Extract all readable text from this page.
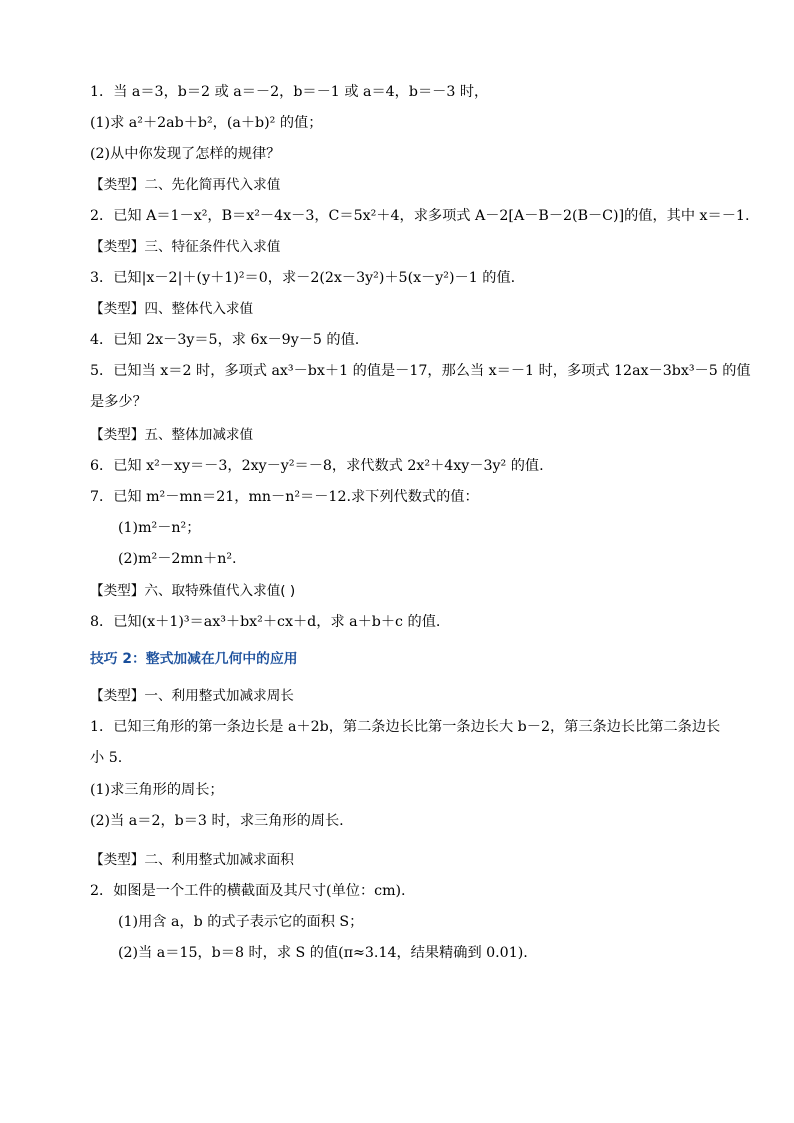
1．当 a＝3，b＝2 或 a＝－2，b＝－1 或 a＝4，b＝－3 时，
(1)求 a²＋2ab＋b²，(a＋b)² 的值；
(2)从中你发现了怎样的规律？
【类型】二、先化简再代入求值
2．已知 A＝1－x²，B＝x²－4x－3，C＝5x²＋4，求多项式 A－2[A－B－2(B－C)]的值，其中 x＝－1.
【类型】三、特征条件代入求值
3．已知|x－2|＋(y＋1)²＝0，求－2(2x－3y²)＋5(x－y²)－1 的值.
【类型】四、整体代入求值
4．已知 2x－3y＝5，求 6x－9y－5 的值.
5．已知当 x＝2 时，多项式 ax³－bx＋1 的值是－17，那么当 x＝－1 时，多项式 12ax－3bx³－5 的值
是多少？
【类型】五、整体加减求值
6．已知 x²－xy＝－3，2xy－y²＝－8，求代数式 2x²＋4xy－3y² 的值.
7．已知 m²－mn＝21，mn－n²＝－12.求下列代数式的值：
(1)m²－n²；
(2)m²－2mn＋n².
【类型】六、取特殊值代入求值( )
8．已知(x＋1)³＝ax³＋bx²＋cx＋d，求 a＋b＋c 的值.
技巧 2：整式加减在几何中的应用
【类型】一、利用整式加减求周长
1．已知三角形的第一条边长是 a＋2b，第二条边长比第一条边长大 b－2，第三条边长比第二条边长
小 5.
(1)求三角形的周长；
(2)当 a＝2，b＝3 时，求三角形的周长.
【类型】二、利用整式加减求面积
2．如图是一个工件的横截面及其尺寸(单位：cm).
(1)用含 a，b 的式子表示它的面积 S；
(2)当 a＝15，b＝8 时，求 S 的值(π≈3.14，结果精确到 0.01).
